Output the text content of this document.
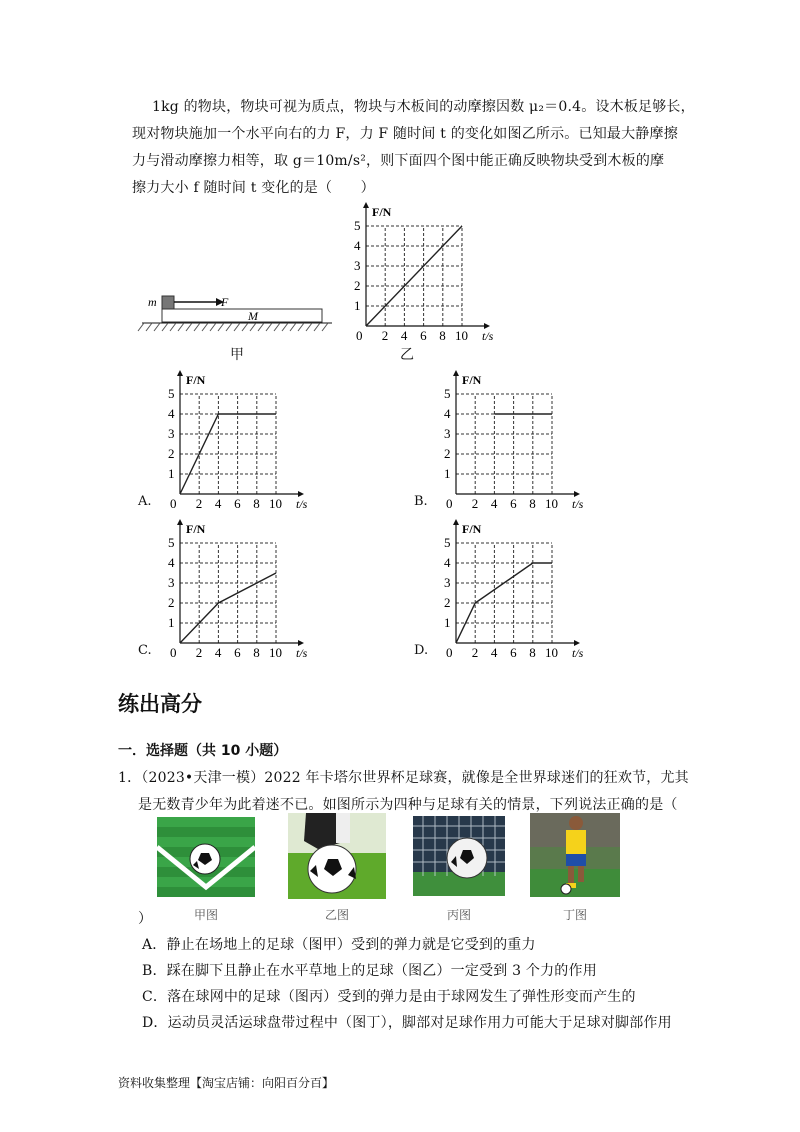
1kg 的物块，物块可视为质点，物块与木板间的动摩擦因数 μ₂＝0.4。设木板足够长，
现对物块施加一个水平向右的力 F，力 F 随时间 t 的变化如图乙所示。已知最大静摩擦
力与滑动摩擦力相等，取 g＝10m/s²，则下面四个图中能正确反映物块受到木板的摩
擦力大小 f 随时间 t 变化的是（　　）
m	F
M
甲
0 2 4 6 8 10
1
2
3
4
5
t/s
F/N
乙
A. 0 2 4 6 8 10
1
2
3
4
5
t/s
F/N
B. 0 2 4 6 8 10
1
2
3
4
5
t/s
F/N
C. 0 2 4 6 8 10
1
2
3
4
5
t/s
F/N
D. 0 2 4 6 8 10
1
2
3
4
5
t/s
F/N
练出高分
一．选择题（共 10 小题）
1．（2023•天津一模）2022 年卡塔尔世界杯足球赛，就像是全世界球迷们的狂欢节，尤其
是无数青少年为此着迷不已。如图所示为四种与足球有关的情景，下列说法正确的是（
）	甲图	乙图	丙图	丁图
A．静止在场地上的足球（图甲）受到的弹力就是它受到的重力
B．踩在脚下且静止在水平草地上的足球（图乙）一定受到 3 个力的作用
C．落在球网中的足球（图丙）受到的弹力是由于球网发生了弹性形变而产生的
D．运动员灵活运球盘带过程中（图丁），脚部对足球作用力可能大于足球对脚部作用
资料收集整理【淘宝店铺：向阳百分百】
